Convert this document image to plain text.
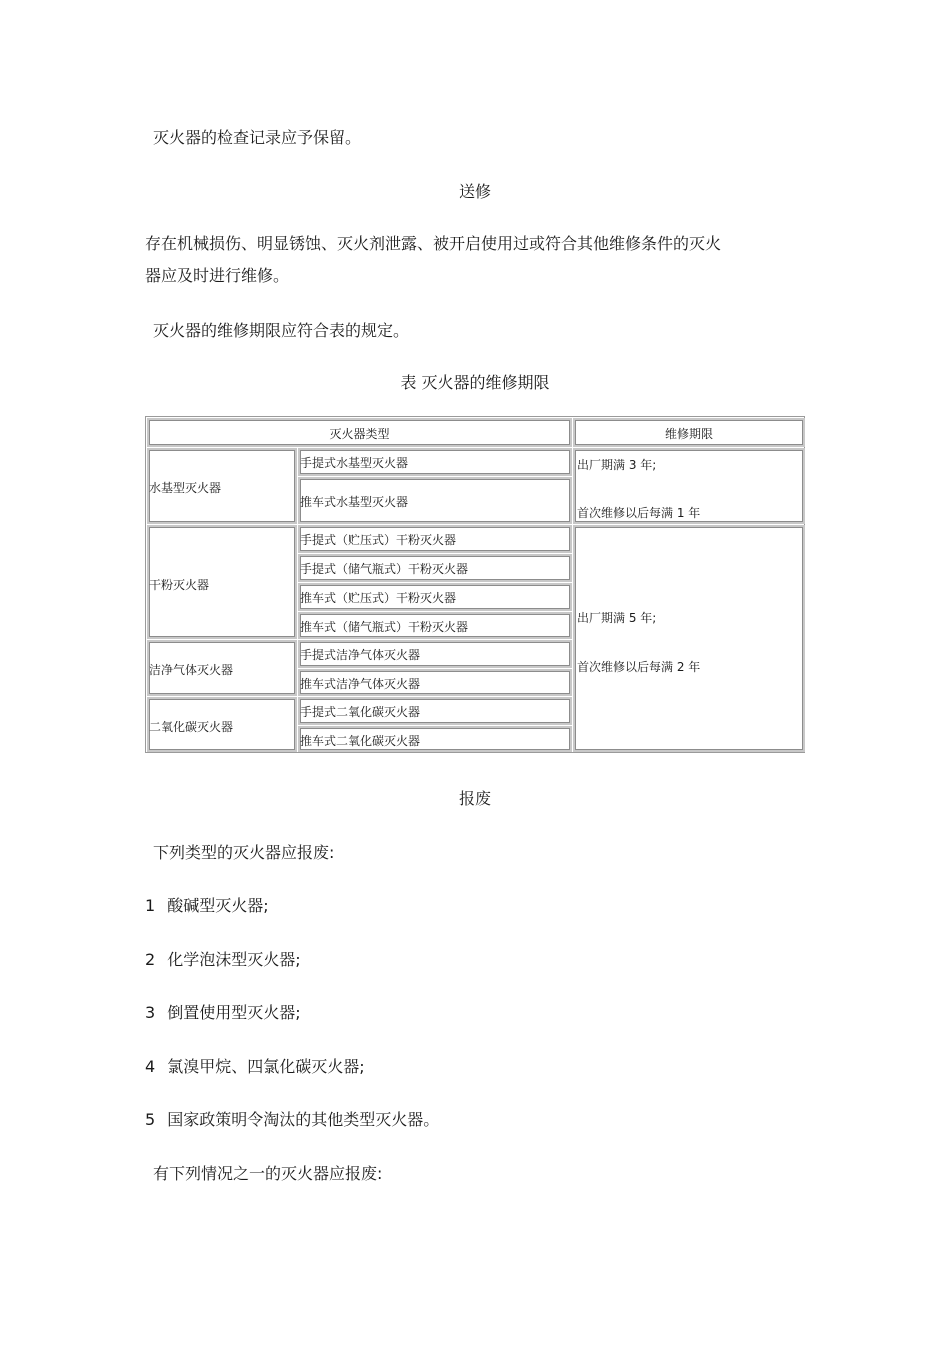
灭火器的检查记录应予保留。
送修
存在机械损伤、明显锈蚀、灭火剂泄露、被开启使用过或符合其他维修条件的灭火
器应及时进行维修。
灭火器的维修期限应符合表的规定。
表 灭火器的维修期限
灭火器类型	维修期限
水基型灭火器
手提式水基型灭火器
推车式水基型灭火器
出厂期满 3 年;
首次维修以后每满 1 年
干粉灭火器
手提式（贮压式）干粉灭火器
手提式（储气瓶式）干粉灭火器
推车式（贮压式）干粉灭火器
推车式（储气瓶式）干粉灭火器
洁净气体灭火器
手提式洁净气体灭火器
推车式洁净气体灭火器
二氧化碳灭火器
手提式二氧化碳灭火器
推车式二氧化碳灭火器
出厂期满 5 年;
首次维修以后每满 2 年
报废
下列类型的灭火器应报废:
1 酸碱型灭火器;
2 化学泡沫型灭火器;
3 倒置使用型灭火器;
4 氯溴甲烷、四氯化碳灭火器;
5 国家政策明令淘汰的其他类型灭火器。
有下列情况之一的灭火器应报废:
